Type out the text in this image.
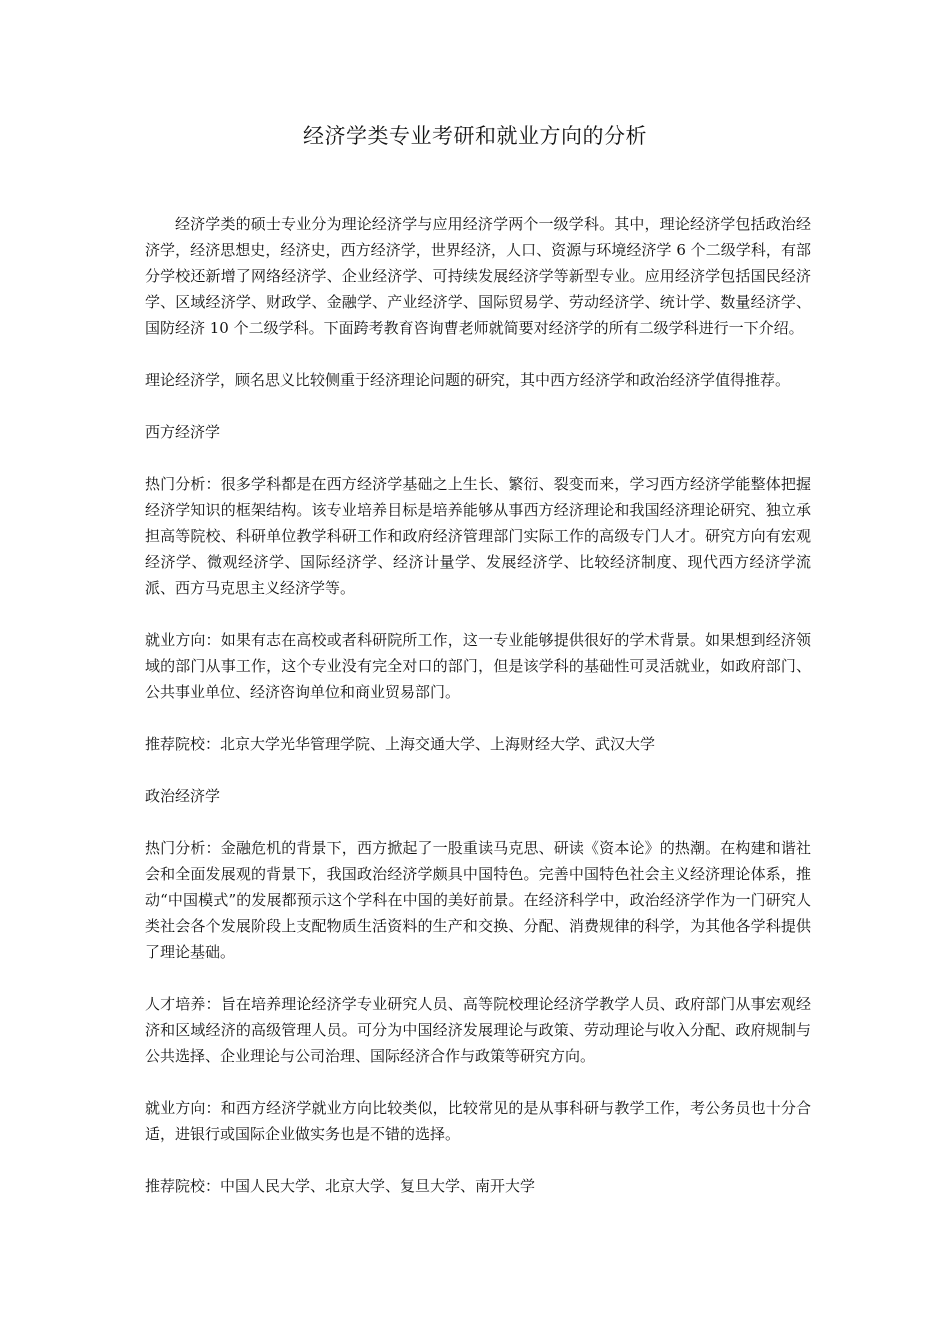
经济学类专业考研和就业方向的分析

经济学类的硕士专业分为理论经济学与应用经济学两个一级学科。其中，理论经济学包括政治经济学，经济思想史，经济史，西方经济学，世界经济，人口、资源与环境经济学 6 个二级学科，有部分学校还新增了网络经济学、企业经济学、可持续发展经济学等新型专业。应用经济学包括国民经济学、区域经济学、财政学、金融学、产业经济学、国际贸易学、劳动经济学、统计学、数量经济学、国防经济 10 个二级学科。下面跨考教育咨询曹老师就简要对经济学的所有二级学科进行一下介绍。

理论经济学，顾名思义比较侧重于经济理论问题的研究，其中西方经济学和政治经济学值得推荐。

西方经济学

热门分析：很多学科都是在西方经济学基础之上生长、繁衍、裂变而来，学习西方经济学能整体把握经济学知识的框架结构。该专业培养目标是培养能够从事西方经济理论和我国经济理论研究、独立承担高等院校、科研单位教学科研工作和政府经济管理部门实际工作的高级专门人才。研究方向有宏观经济学、微观经济学、国际经济学、经济计量学、发展经济学、比较经济制度、现代西方经济学流派、西方马克思主义经济学等。

就业方向：如果有志在高校或者科研院所工作，这一专业能够提供很好的学术背景。如果想到经济领域的部门从事工作，这个专业没有完全对口的部门，但是该学科的基础性可灵活就业，如政府部门、公共事业单位、经济咨询单位和商业贸易部门。

推荐院校：北京大学光华管理学院、上海交通大学、上海财经大学、武汉大学

政治经济学

热门分析：金融危机的背景下，西方掀起了一股重读马克思、研读《资本论》的热潮。在构建和谐社会和全面发展观的背景下，我国政治经济学颇具中国特色。完善中国特色社会主义经济理论体系，推动“中国模式”的发展都预示这个学科在中国的美好前景。在经济科学中，政治经济学作为一门研究人类社会各个发展阶段上支配物质生活资料的生产和交换、分配、消费规律的科学，为其他各学科提供了理论基础。

人才培养：旨在培养理论经济学专业研究人员、高等院校理论经济学教学人员、政府部门从事宏观经济和区域经济的高级管理人员。可分为中国经济发展理论与政策、劳动理论与收入分配、政府规制与公共选择、企业理论与公司治理、国际经济合作与政策等研究方向。

就业方向：和西方经济学就业方向比较类似，比较常见的是从事科研与教学工作，考公务员也十分合适，进银行或国际企业做实务也是不错的选择。

推荐院校：中国人民大学、北京大学、复旦大学、南开大学
